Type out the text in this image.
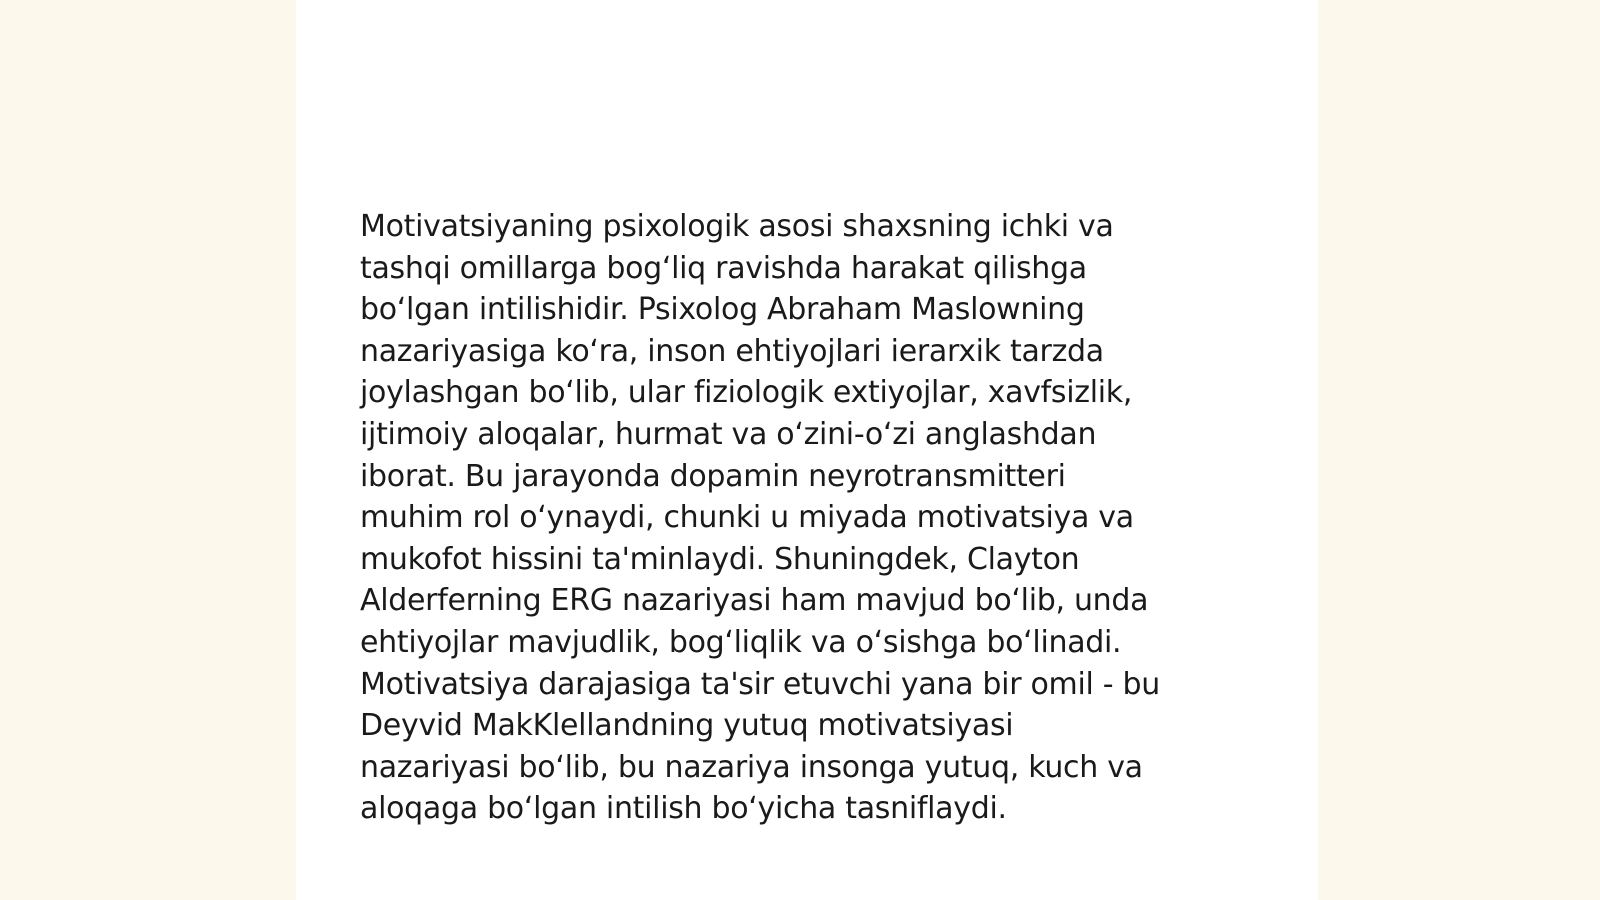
Motivatsiyaning psixologik asosi shaxsning ichki va
tashqi omillarga bog‘liq ravishda harakat qilishga
bo‘lgan intilishidir. Psixolog Abraham Maslowning
nazariyasiga ko‘ra, inson ehtiyojlari ierarxik tarzda
joylashgan bo‘lib, ular fiziologik extiyojlar, xavfsizlik,
ijtimoiy aloqalar, hurmat va o‘zini-o‘zi anglashdan
iborat. Bu jarayonda dopamin neyrotransmitteri
muhim rol o‘ynaydi, chunki u miyada motivatsiya va
mukofot hissini ta'minlaydi. Shuningdek, Clayton
Alderferning ERG nazariyasi ham mavjud bo‘lib, unda
ehtiyojlar mavjudlik, bog‘liqlik va o‘sishga bo‘linadi.
Motivatsiya darajasiga ta'sir etuvchi yana bir omil - bu
Deyvid MakKlellandning yutuq motivatsiyasi
nazariyasi bo‘lib, bu nazariya insonga yutuq, kuch va
aloqaga bo‘lgan intilish bo‘yicha tasniflaydi.
